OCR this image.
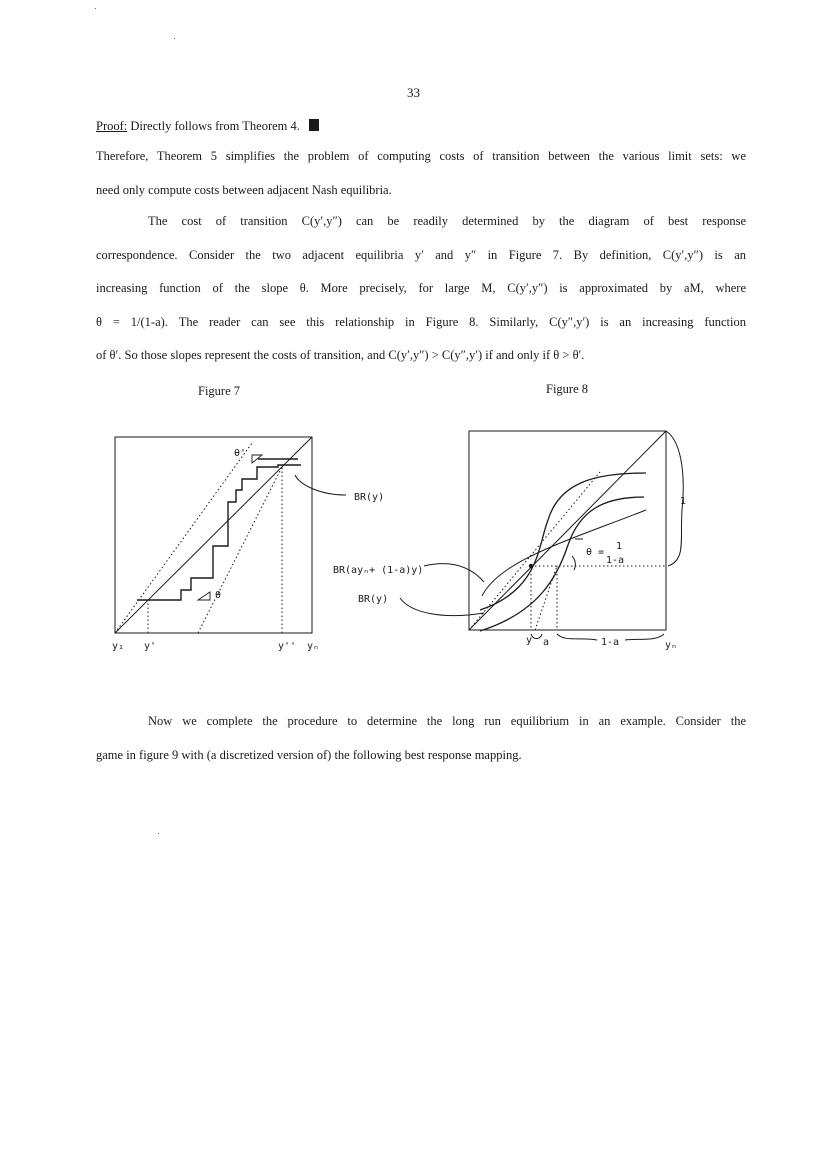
33
Proof: Directly follows from Theorem 4.
Therefore, Theorem 5 simplifies the problem of computing costs of transition between the various limit sets: we
need only compute costs between adjacent Nash equilibria.
The cost of transition C(y′,y″) can be readily determined by the diagram of best response
correspondence. Consider the two adjacent equilibria y′ and y″ in Figure 7. By definition, C(y′,y″) is an
increasing function of the slope θ. More precisely, for large M, C(y′,y″) is approximated by aM, where
θ = 1/(1-a). The reader can see this relationship in Figure 8. Similarly, C(y″,y′) is an increasing function
of θ′. So those slopes represent the costs of transition, and C(y′,y″) > C(y″,y′) if and only if θ > θ′.
Figure 7	Figure 8
θ'
θ
BR(y)
y₁ y'	y'' yₙ
BR(ayₙ+ (1-a)y)
BR(y)
θ =
1
1-a
1
y a	1-a	yₙ
Now we complete the procedure to determine the long run equilibrium in an example. Consider the
game in figure 9 with (a discretized version of) the following best response mapping.
